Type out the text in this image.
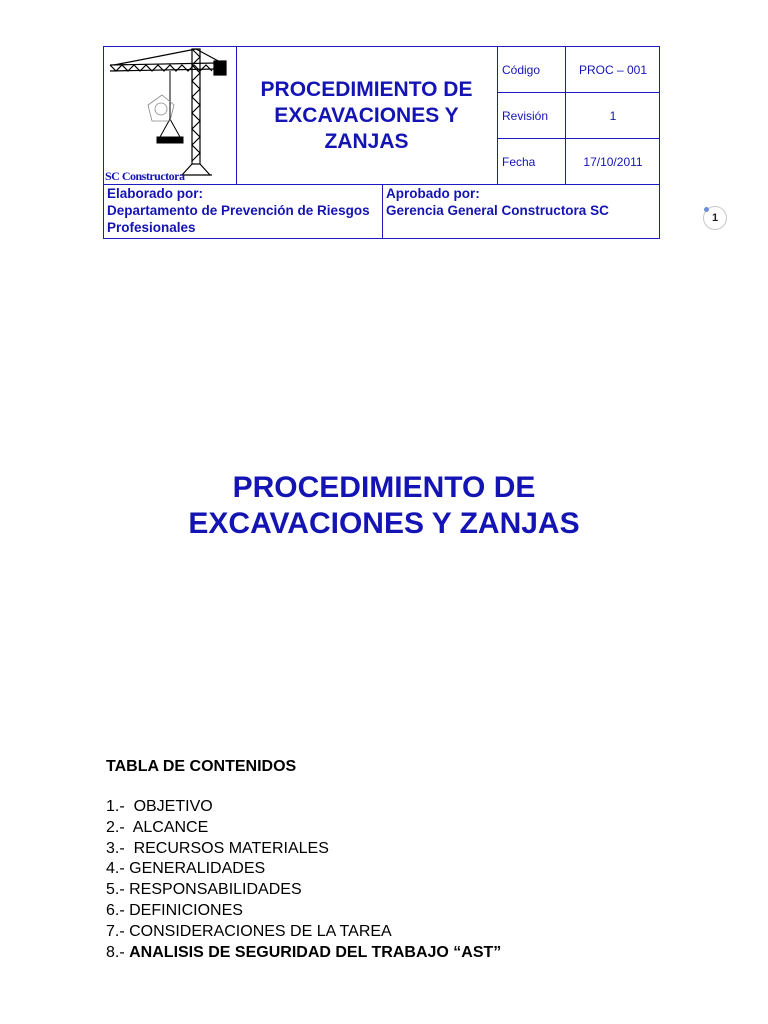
SC Constructora
PROCEDIMIENTO DE EXCAVACIONES Y ZANJAS
Código	PROC – 001
Revisión	1
Fecha	17/10/2011

Elaborado por:

Departamento de Prevención de Riesgos Profesionales

Aprobado por:

Gerencia General Constructora SC	1
PROCEDIMIENTO DE
EXCAVACIONES Y ZANJAS
TABLA DE CONTENIDOS
1.- OBJETIVO
2.- ALCANCE
3.- RECURSOS MATERIALES
4.- GENERALIDADES
5.- RESPONSABILIDADES
6.- DEFINICIONES
7.- CONSIDERACIONES DE LA TAREA
8.- ANALISIS DE SEGURIDAD DEL TRABAJO “AST”
